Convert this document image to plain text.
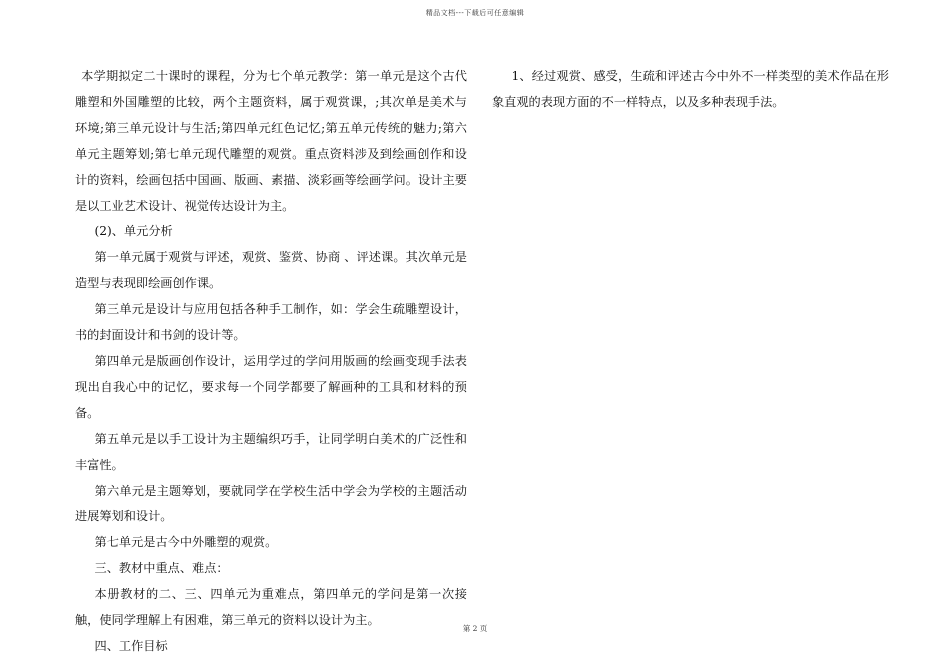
精品文档---下载后可任意编辑

本学期拟定二十课时的课程，分为七个单元教学：第一单元是这个古代雕塑和外国雕塑的比较，两个主题资料，属于观赏课，;其次单是美术与环境;第三单元设计与生活;第四单元红色记忆;第五单元传统的魅力;第六单元主题筹划;第七单元现代雕塑的观赏。重点资料涉及到绘画创作和设计的资料，绘画包括中国画、版画、素描、淡彩画等绘画学问。设计主要是以工业艺术设计、视觉传达设计为主。

(2)、单元分析

第一单元属于观赏与评述，观赏、鉴赏、协商 、评述课。其次单元是造型与表现即绘画创作课。

第三单元是设计与应用包括各种手工制作，如：学会生疏雕塑设计，书的封面设计和书剑的设计等。

第四单元是版画创作设计，运用学过的学问用版画的绘画变现手法表现出自我心中的记忆，要求每一个同学都要了解画种的工具和材料的预备。

第五单元是以手工设计为主题编织巧手，让同学明白美术的广泛性和丰富性。

第六单元是主题筹划，要就同学在学校生活中学会为学校的主题活动进展筹划和设计。

第七单元是古今中外雕塑的观赏。

三、教材中重点、难点：

本册教材的二、三、四单元为重难点，第四单元的学问是第一次接触，使同学理解上有困难，第三单元的资料以设计为主。

四、工作目标

1、经过观赏、感受，生疏和评述古今中外不一样类型的美术作品在形象直观的表现方面的不一样特点，以及多种表现手法。

第 2 页
